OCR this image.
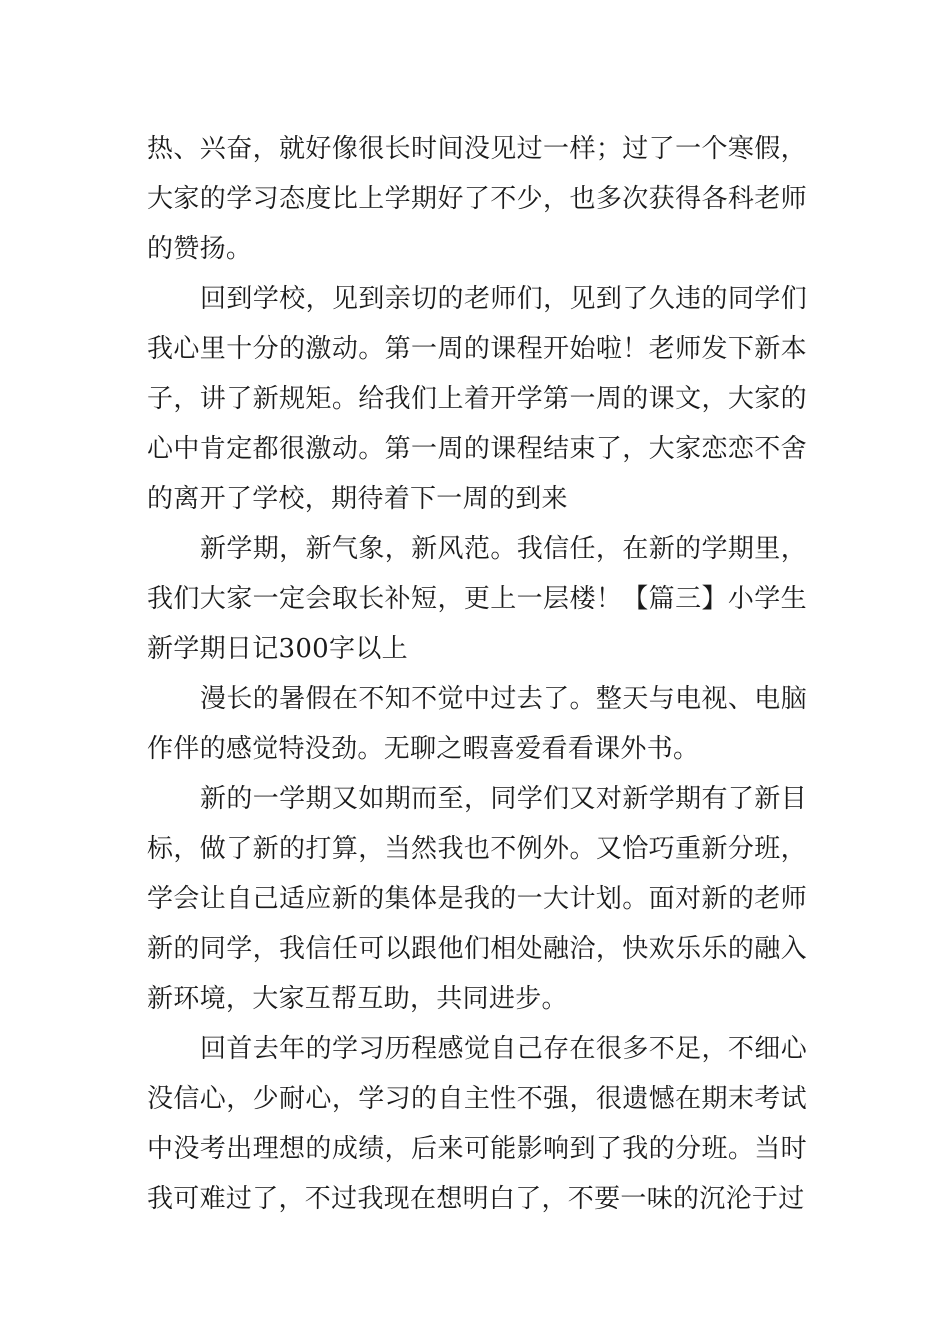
热、兴奋，就好像很长时间没见过一样；过了一个寒假，大家的学习态度比上学期好了不少，也多次获得各科老师的赞扬。

回到学校，见到亲切的老师们，见到了久违的同学们我心里十分的激动。第一周的课程开始啦！老师发下新本子，讲了新规矩。给我们上着开学第一周的课文，大家的心中肯定都很激动。第一周的课程结束了，大家恋恋不舍的离开了学校，期待着下一周的到来

新学期，新气象，新风范。我信任，在新的学期里，我们大家一定会取长补短，更上一层楼！【篇三】小学生新学期日记300字以上

漫长的暑假在不知不觉中过去了。整天与电视、电脑作伴的感觉特没劲。无聊之暇喜爱看看课外书。

新的一学期又如期而至，同学们又对新学期有了新目标，做了新的打算，当然我也不例外。又恰巧重新分班，学会让自己适应新的集体是我的一大计划。面对新的老师新的同学，我信任可以跟他们相处融洽，快欢乐乐的融入新环境，大家互帮互助，共同进步。

回首去年的学习历程感觉自己存在很多不足，不细心没信心，少耐心，学习的自主性不强，很遗憾在期末考试中没考出理想的成绩，后来可能影响到了我的分班。当时我可难过了，不过我现在想明白了，不要一味的沉沦于过
